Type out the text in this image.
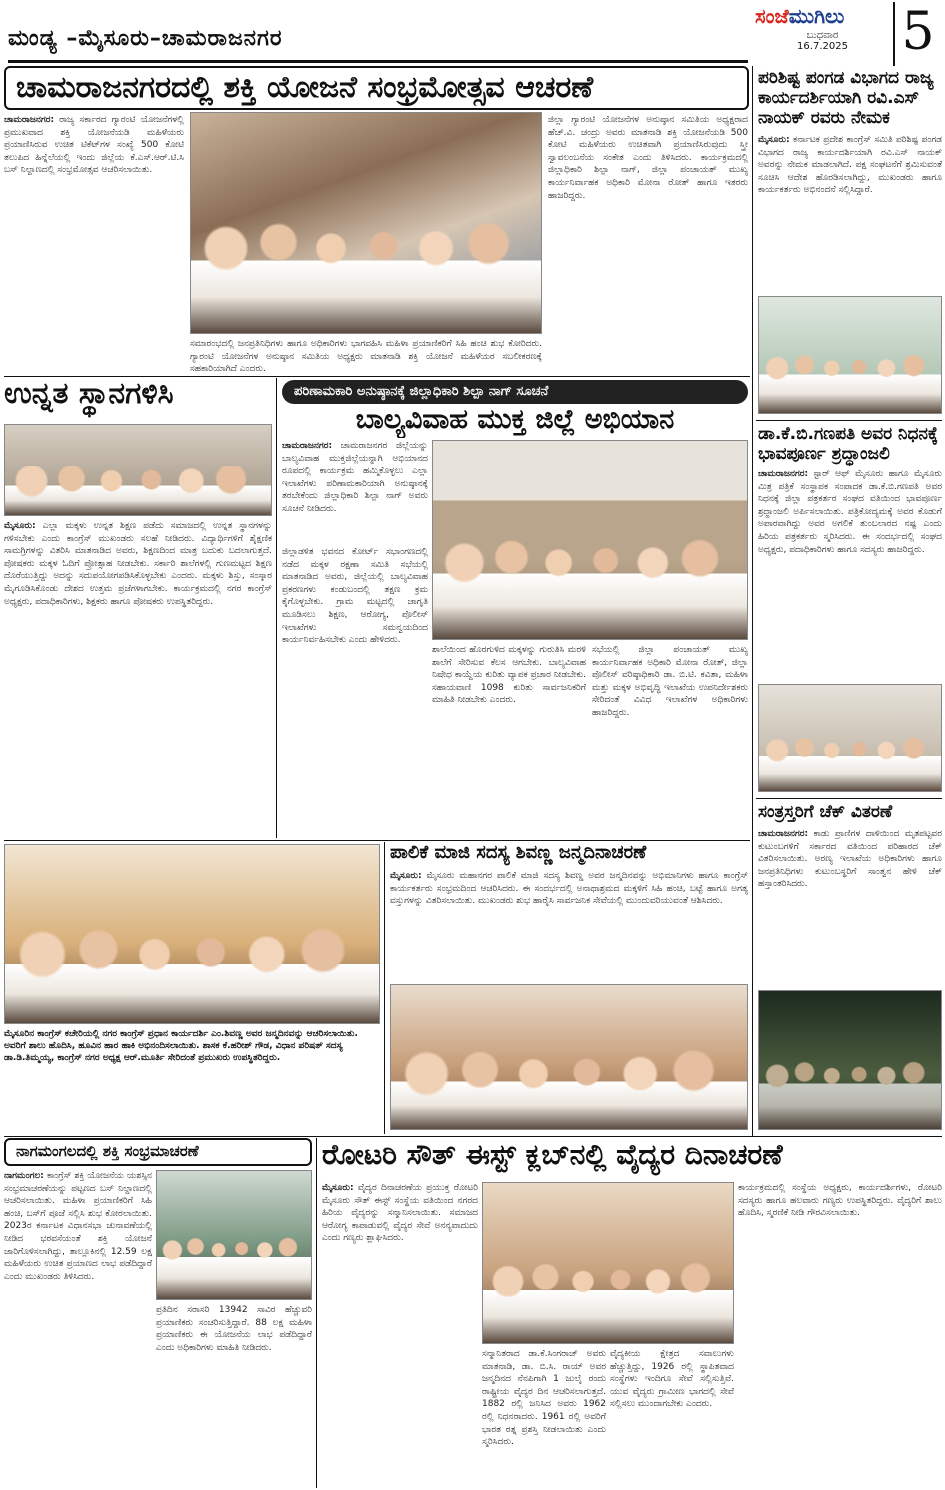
ಮಂಡ್ಯ –ಮೈಸೂರು–ಚಾಮರಾಜನಗರ
ಸಂಜೆಮುಗಿಲು
ಬುಧವಾರ
16.7.2025	5
ಚಾಮರಾಜನಗರದಲ್ಲಿ ಶಕ್ತಿ ಯೋಜನೆ ಸಂಭ್ರಮೋತ್ಸವ ಆಚರಣೆ
ಚಾಮರಾಜನಗರ: ರಾಜ್ಯ ಸರ್ಕಾರದ ಗ್ಯಾರಂಟಿ ಯೋಜನೆಗಳಲ್ಲಿ ಪ್ರಮುಖವಾದ ಶಕ್ತಿ ಯೋಜನೆಯಡಿ ಮಹಿಳೆಯರು ಪ್ರಯಾಣಿಸಿರುವ ಉಚಿತ ಟಿಕೆಟ್‌ಗಳ ಸಂಖ್ಯೆ 500 ಕೋಟಿ ತಲುಪಿದ ಹಿನ್ನೆಲೆಯಲ್ಲಿ ಇಂದು ಜಿಲ್ಲೆಯ ಕೆ.ಎಸ್.ಆರ್.ಟಿ.ಸಿ ಬಸ್ ನಿಲ್ದಾಣದಲ್ಲಿ ಸಂಭ್ರಮೋತ್ಸವ ಆಚರಿಸಲಾಯಿತು.
ಸಮಾರಂಭದಲ್ಲಿ ಜನಪ್ರತಿನಿಧಿಗಳು ಹಾಗೂ ಅಧಿಕಾರಿಗಳು ಭಾಗವಹಿಸಿ ಮಹಿಳಾ ಪ್ರಯಾಣಿಕರಿಗೆ ಸಿಹಿ ಹಂಚಿ ಶುಭ ಕೋರಿದರು. ಗ್ಯಾರಂಟಿ ಯೋಜನೆಗಳ ಅನುಷ್ಠಾನ ಸಮಿತಿಯ ಅಧ್ಯಕ್ಷರು ಮಾತನಾಡಿ ಶಕ್ತಿ ಯೋಜನೆ ಮಹಿಳೆಯರ ಸಬಲೀಕರಣಕ್ಕೆ ಸಹಕಾರಿಯಾಗಿದೆ ಎಂದರು.
ಜಿಲ್ಲಾ ಗ್ಯಾರಂಟಿ ಯೋಜನೆಗಳ ಅನುಷ್ಠಾನ ಸಮಿತಿಯ ಅಧ್ಯಕ್ಷರಾದ ಹೆಚ್.ವಿ. ಚಂದ್ರು ಅವರು ಮಾತನಾಡಿ ಶಕ್ತಿ ಯೋಜನೆಯಡಿ 500 ಕೋಟಿ ಮಹಿಳೆಯರು ಉಚಿತವಾಗಿ ಪ್ರಯಾಣಿಸಿರುವುದು ಸ್ತ್ರೀ ಸ್ವಾವಲಂಬನೆಯ ಸಂಕೇತ ಎಂದು ತಿಳಿಸಿದರು. ಕಾರ್ಯಕ್ರಮದಲ್ಲಿ ಜಿಲ್ಲಾಧಿಕಾರಿ ಶಿಲ್ಪಾ ನಾಗ್, ಜಿಲ್ಲಾ ಪಂಚಾಯತ್ ಮುಖ್ಯ ಕಾರ್ಯನಿರ್ವಾಹಕ ಅಧಿಕಾರಿ ಮೋನಾ ರೋತ್ ಹಾಗೂ ಇತರರು ಹಾಜರಿದ್ದರು.
ಪರಿಶಿಷ್ಟ ಪಂಗಡ ವಿಭಾಗದ ರಾಜ್ಯ ಕಾರ್ಯದರ್ಶಿಯಾಗಿ ರವಿ.ಎಸ್ ನಾಯಕ್ ರವರು ನೇಮಕ
ಮೈಸೂರು: ಕರ್ನಾಟಕ ಪ್ರದೇಶ ಕಾಂಗ್ರೆಸ್ ಸಮಿತಿ ಪರಿಶಿಷ್ಟ ಪಂಗಡ ವಿಭಾಗದ ರಾಜ್ಯ ಕಾರ್ಯದರ್ಶಿಯಾಗಿ ರವಿ.ಎಸ್ ನಾಯಕ್ ಅವರನ್ನು ನೇಮಕ ಮಾಡಲಾಗಿದೆ. ಪಕ್ಷ ಸಂಘಟನೆಗೆ ಶ್ರಮಿಸುವಂತೆ ಸೂಚಿಸಿ ಆದೇಶ ಹೊರಡಿಸಲಾಗಿದ್ದು, ಮುಖಂಡರು ಹಾಗೂ ಕಾರ್ಯಕರ್ತರು ಅಭಿನಂದನೆ ಸಲ್ಲಿಸಿದ್ದಾರೆ.
ಡಾ.ಕೆ.ಬಿ.ಗಣಪತಿ ಅವರ ನಿಧನಕ್ಕೆ ಭಾವಪೂರ್ಣ ಶ್ರದ್ಧಾಂಜಲಿ
ಚಾಮರಾಜನಗರ: ಸ್ಟಾರ್ ಆಫ್ ಮೈಸೂರು ಹಾಗೂ ಮೈಸೂರು ಮಿತ್ರ ಪತ್ರಿಕೆ ಸಂಸ್ಥಾಪಕ ಸಂಪಾದಕ ಡಾ.ಕೆ.ಬಿ.ಗಣಪತಿ ಅವರ ನಿಧನಕ್ಕೆ ಜಿಲ್ಲಾ ಪತ್ರಕರ್ತರ ಸಂಘದ ವತಿಯಿಂದ ಭಾವಪೂರ್ಣ ಶ್ರದ್ಧಾಂಜಲಿ ಅರ್ಪಿಸಲಾಯಿತು. ಪತ್ರಿಕೋದ್ಯಮಕ್ಕೆ ಅವರ ಕೊಡುಗೆ ಅಪಾರವಾಗಿದ್ದು ಅವರ ಅಗಲಿಕೆ ತುಂಬಲಾರದ ನಷ್ಟ ಎಂದು ಹಿರಿಯ ಪತ್ರಕರ್ತರು ಸ್ಮರಿಸಿದರು. ಈ ಸಂದರ್ಭದಲ್ಲಿ ಸಂಘದ ಅಧ್ಯಕ್ಷರು, ಪದಾಧಿಕಾರಿಗಳು ಹಾಗೂ ಸದಸ್ಯರು ಹಾಜರಿದ್ದರು.
ಸಂತ್ರಸ್ತರಿಗೆ ಚೆಕ್ ವಿತರಣೆ
ಚಾಮರಾಜನಗರ: ಕಾಡು ಪ್ರಾಣಿಗಳ ದಾಳಿಯಿಂದ ಮೃತಪಟ್ಟವರ ಕುಟುಂಬಗಳಿಗೆ ಸರ್ಕಾರದ ವತಿಯಿಂದ ಪರಿಹಾರದ ಚೆಕ್ ವಿತರಿಸಲಾಯಿತು. ಅರಣ್ಯ ಇಲಾಖೆಯ ಅಧಿಕಾರಿಗಳು ಹಾಗೂ ಜನಪ್ರತಿನಿಧಿಗಳು ಕುಟುಂಬಸ್ಥರಿಗೆ ಸಾಂತ್ವನ ಹೇಳಿ ಚೆಕ್ ಹಸ್ತಾಂತರಿಸಿದರು.
ಉನ್ನತ ಸ್ಥಾನಗಳಿಸಿ
ಮೈಸೂರು: ಎಲ್ಲಾ ಮಕ್ಕಳು ಉನ್ನತ ಶಿಕ್ಷಣ ಪಡೆದು ಸಮಾಜದಲ್ಲಿ ಉನ್ನತ ಸ್ಥಾನಗಳನ್ನು ಗಳಿಸಬೇಕು ಎಂದು ಕಾಂಗ್ರೆಸ್ ಮುಖಂಡರು ಸಲಹೆ ನೀಡಿದರು. ವಿದ್ಯಾರ್ಥಿಗಳಿಗೆ ಶೈಕ್ಷಣಿಕ ಸಾಮಗ್ರಿಗಳನ್ನು ವಿತರಿಸಿ ಮಾತನಾಡಿದ ಅವರು, ಶಿಕ್ಷಣದಿಂದ ಮಾತ್ರ ಬದುಕು ಬದಲಾಗುತ್ತದೆ. ಪೋಷಕರು ಮಕ್ಕಳ ಓದಿಗೆ ಪ್ರೋತ್ಸಾಹ ನೀಡಬೇಕು. ಸರ್ಕಾರಿ ಶಾಲೆಗಳಲ್ಲಿ ಗುಣಮಟ್ಟದ ಶಿಕ್ಷಣ ದೊರೆಯುತ್ತಿದ್ದು ಅದನ್ನು ಸದುಪಯೋಗಪಡಿಸಿಕೊಳ್ಳಬೇಕು ಎಂದರು. ಮಕ್ಕಳು ಶಿಸ್ತು, ಸಂಸ್ಕಾರ ಮೈಗೂಡಿಸಿಕೊಂಡು ದೇಶದ ಉತ್ತಮ ಪ್ರಜೆಗಳಾಗಬೇಕು. ಕಾರ್ಯಕ್ರಮದಲ್ಲಿ ನಗರ ಕಾಂಗ್ರೆಸ್ ಅಧ್ಯಕ್ಷರು, ಪದಾಧಿಕಾರಿಗಳು, ಶಿಕ್ಷಕರು ಹಾಗೂ ಪೋಷಕರು ಉಪಸ್ಥಿತರಿದ್ದರು.
ಪರಿಣಾಮಕಾರಿ ಅನುಷ್ಠಾನಕ್ಕೆ ಜಿಲ್ಲಾಧಿಕಾರಿ ಶಿಲ್ಪಾ ನಾಗ್ ಸೂಚನೆ
ಬಾಲ್ಯವಿವಾಹ ಮುಕ್ತ ಜಿಲ್ಲೆ ಅಭಿಯಾನ
ಚಾಮರಾಜನಗರ: ಚಾಮರಾಜನಗರ ಜಿಲ್ಲೆಯನ್ನು ಬಾಲ್ಯವಿವಾಹ ಮುಕ್ತಜಿಲ್ಲೆಯನ್ನಾಗಿ ಅಭಿಯಾನದ ರೂಪದಲ್ಲಿ ಕಾರ್ಯಕ್ರಮ ಹಮ್ಮಿಕೊಳ್ಳಲು ಎಲ್ಲಾ ಇಲಾಖೆಗಳು ಪರಿಣಾಮಕಾರಿಯಾಗಿ ಅನುಷ್ಠಾನಕ್ಕೆ ತರಬೇಕೆಂದು ಜಿಲ್ಲಾಧಿಕಾರಿ ಶಿಲ್ಪಾ ನಾಗ್ ಅವರು ಸೂಚನೆ ನೀಡಿದರು.
ಜಿಲ್ಲಾಡಳಿತ ಭವನದ ಕೋರ್ಟ್ ಸಭಾಂಗಣದಲ್ಲಿ ನಡೆದ ಮಕ್ಕಳ ರಕ್ಷಣಾ ಸಮಿತಿ ಸಭೆಯಲ್ಲಿ ಮಾತನಾಡಿದ ಅವರು, ಜಿಲ್ಲೆಯಲ್ಲಿ ಬಾಲ್ಯವಿವಾಹ ಪ್ರಕರಣಗಳು ಕಂಡುಬಂದಲ್ಲಿ ತಕ್ಷಣ ಕ್ರಮ ಕೈಗೊಳ್ಳಬೇಕು. ಗ್ರಾಮ ಮಟ್ಟದಲ್ಲಿ ಜಾಗೃತಿ ಮೂಡಿಸಲು ಶಿಕ್ಷಣ, ಆರೋಗ್ಯ, ಪೊಲೀಸ್ ಇಲಾಖೆಗಳು ಸಮನ್ವಯದಿಂದ ಕಾರ್ಯನಿರ್ವಹಿಸಬೇಕು ಎಂದು ಹೇಳಿದರು.
ಶಾಲೆಯಿಂದ ಹೊರಗುಳಿದ ಮಕ್ಕಳನ್ನು ಗುರುತಿಸಿ ಮರಳಿ ಶಾಲೆಗೆ ಸೇರಿಸುವ ಕೆಲಸ ಆಗಬೇಕು. ಬಾಲ್ಯವಿವಾಹ ನಿಷೇಧ ಕಾಯ್ದೆಯ ಕುರಿತು ವ್ಯಾಪಕ ಪ್ರಚಾರ ನೀಡಬೇಕು. ಸಹಾಯವಾಣಿ 1098 ಕುರಿತು ಸಾರ್ವಜನಿಕರಿಗೆ ಮಾಹಿತಿ ನೀಡಬೇಕು ಎಂದರು.
ಸಭೆಯಲ್ಲಿ ಜಿಲ್ಲಾ ಪಂಚಾಯತ್ ಮುಖ್ಯ ಕಾರ್ಯನಿರ್ವಾಹಕ ಅಧಿಕಾರಿ ಮೋನಾ ರೋತ್, ಜಿಲ್ಲಾ ಪೊಲೀಸ್ ವರಿಷ್ಠಾಧಿಕಾರಿ ಡಾ. ಬಿ.ಟಿ. ಕವಿತಾ, ಮಹಿಳಾ ಮತ್ತು ಮಕ್ಕಳ ಅಭಿವೃದ್ಧಿ ಇಲಾಖೆಯ ಉಪನಿರ್ದೇಶಕರು ಸೇರಿದಂತೆ ವಿವಿಧ ಇಲಾಖೆಗಳ ಅಧಿಕಾರಿಗಳು ಹಾಜರಿದ್ದರು.
ಮೈಸೂರಿನ ಕಾಂಗ್ರೆಸ್ ಕಚೇರಿಯಲ್ಲಿ ನಗರ ಕಾಂಗ್ರೆಸ್ ಪ್ರಧಾನ ಕಾರ್ಯದರ್ಶಿ ಎಂ.ಶಿವಣ್ಣ ಅವರ ಜನ್ಮದಿನವನ್ನು ಆಚರಿಸಲಾಯಿತು. ಅವರಿಗೆ ಶಾಲು ಹೊದಿಸಿ, ಹೂವಿನ ಹಾರ ಹಾಕಿ ಅಭಿನಂದಿಸಲಾಯಿತು. ಶಾಸಕ ಕೆ.ಹರೀಶ್ ಗೌಡ, ವಿಧಾನ ಪರಿಷತ್ ಸದಸ್ಯ ಡಾ.ಡಿ.ತಿಮ್ಮಯ್ಯ, ಕಾಂಗ್ರೆಸ್ ನಗರ ಅಧ್ಯಕ್ಷ ಆರ್.ಮೂರ್ತಿ ಸೇರಿದಂತೆ ಪ್ರಮುಖರು ಉಪಸ್ಥಿತರಿದ್ದರು.
ಪಾಲಿಕೆ ಮಾಜಿ ಸದಸ್ಯ ಶಿವಣ್ಣ ಜನ್ಮದಿನಾಚರಣೆ
ಮೈಸೂರು: ಮೈಸೂರು ಮಹಾನಗರ ಪಾಲಿಕೆ ಮಾಜಿ ಸದಸ್ಯ ಶಿವಣ್ಣ ಅವರ ಜನ್ಮದಿನವನ್ನು ಅಭಿಮಾನಿಗಳು ಹಾಗೂ ಕಾಂಗ್ರೆಸ್ ಕಾರ್ಯಕರ್ತರು ಸಂಭ್ರಮದಿಂದ ಆಚರಿಸಿದರು. ಈ ಸಂದರ್ಭದಲ್ಲಿ ಅನಾಥಾಶ್ರಮದ ಮಕ್ಕಳಿಗೆ ಸಿಹಿ ಹಂಚಿ, ಬಟ್ಟೆ ಹಾಗೂ ಅಗತ್ಯ ವಸ್ತುಗಳನ್ನು ವಿತರಿಸಲಾಯಿತು. ಮುಖಂಡರು ಶುಭ ಹಾರೈಸಿ ಸಾರ್ವಜನಿಕ ಸೇವೆಯಲ್ಲಿ ಮುಂದುವರಿಯುವಂತೆ ಆಶಿಸಿದರು.
ನಾಗಮಂಗಲದಲ್ಲಿ ಶಕ್ತಿ ಸಂಭ್ರಮಾಚರಣೆ
ನಾಗಮಂಗಲ: ಕಾಂಗ್ರೆಸ್ ಶಕ್ತಿ ಯೋಜನೆಯ ಯಶಸ್ಸಿನ ಸಂಭ್ರಮಾಚರಣೆಯನ್ನು ಪಟ್ಟಣದ ಬಸ್ ನಿಲ್ದಾಣದಲ್ಲಿ ಆಚರಿಸಲಾಯಿತು. ಮಹಿಳಾ ಪ್ರಯಾಣಿಕರಿಗೆ ಸಿಹಿ ಹಂಚಿ, ಬಸ್‌ಗೆ ಪೂಜೆ ಸಲ್ಲಿಸಿ ಶುಭ ಕೋರಲಾಯಿತು. 2023ರ ಕರ್ನಾಟಕ ವಿಧಾನಸಭಾ ಚುನಾವಣೆಯಲ್ಲಿ ನೀಡಿದ ಭರವಸೆಯಂತೆ ಶಕ್ತಿ ಯೋಜನೆ ಜಾರಿಗೊಳಿಸಲಾಗಿದ್ದು, ತಾಲ್ಲೂಕಿನಲ್ಲಿ 12.59 ಲಕ್ಷ ಮಹಿಳೆಯರು ಉಚಿತ ಪ್ರಯಾಣದ ಲಾಭ ಪಡೆದಿದ್ದಾರೆ ಎಂದು ಮುಖಂಡರು ತಿಳಿಸಿದರು.
ಪ್ರತಿದಿನ ಸರಾಸರಿ 13942 ಸಾವಿರ ಹೆಚ್ಚುವರಿ ಪ್ರಯಾಣಿಕರು ಸಂಚರಿಸುತ್ತಿದ್ದಾರೆ. 88 ಲಕ್ಷ ಮಹಿಳಾ ಪ್ರಯಾಣಿಕರು ಈ ಯೋಜನೆಯ ಲಾಭ ಪಡೆದಿದ್ದಾರೆ ಎಂದು ಅಧಿಕಾರಿಗಳು ಮಾಹಿತಿ ನೀಡಿದರು.
ರೋಟರಿ ಸೌತ್ ಈಸ್ಟ್ ಕ್ಲಬ್‌ನಲ್ಲಿ ವೈದ್ಯರ ದಿನಾಚರಣೆ
ಮೈಸೂರು: ವೈದ್ಯರ ದಿನಾಚರಣೆಯ ಪ್ರಯುಕ್ತ ರೋಟರಿ ಮೈಸೂರು ಸೌತ್ ಈಸ್ಟ್ ಸಂಸ್ಥೆಯ ವತಿಯಿಂದ ನಗರದ ಹಿರಿಯ ವೈದ್ಯರನ್ನು ಸನ್ಮಾನಿಸಲಾಯಿತು. ಸಮಾಜದ ಆರೋಗ್ಯ ಕಾಪಾಡುವಲ್ಲಿ ವೈದ್ಯರ ಸೇವೆ ಅನನ್ಯವಾದುದು ಎಂದು ಗಣ್ಯರು ಶ್ಲಾಘಿಸಿದರು.
ಸನ್ಮಾನಿತರಾದ ಡಾ.ಕೆ.ಸಿಂಗರಾಜ್ ಅವರು ಮಾತನಾಡಿ, ಡಾ. ಬಿ.ಸಿ. ರಾಯ್ ಅವರ ಜನ್ಮದಿನದ ನೆನಪಿಗಾಗಿ 1 ಜುಲೈ ರಂದು ರಾಷ್ಟ್ರೀಯ ವೈದ್ಯರ ದಿನ ಆಚರಿಸಲಾಗುತ್ತದೆ. 1882 ರಲ್ಲಿ ಜನಿಸಿದ ಅವರು 1962 ರಲ್ಲಿ ನಿಧನರಾದರು. 1961 ರಲ್ಲಿ ಅವರಿಗೆ ಭಾರತ ರತ್ನ ಪ್ರಶಸ್ತಿ ನೀಡಲಾಯಿತು ಎಂದು ಸ್ಮರಿಸಿದರು.
ವೈದ್ಯಕೀಯ ಕ್ಷೇತ್ರದ ಸವಾಲುಗಳು ಹೆಚ್ಚುತ್ತಿದ್ದು, 1926 ರಲ್ಲಿ ಸ್ಥಾಪಿತವಾದ ಸಂಸ್ಥೆಗಳು ಇಂದಿಗೂ ಸೇವೆ ಸಲ್ಲಿಸುತ್ತಿವೆ. ಯುವ ವೈದ್ಯರು ಗ್ರಾಮೀಣ ಭಾಗದಲ್ಲಿ ಸೇವೆ ಸಲ್ಲಿಸಲು ಮುಂದಾಗಬೇಕು ಎಂದರು.
ಕಾರ್ಯಕ್ರಮದಲ್ಲಿ ಸಂಸ್ಥೆಯ ಅಧ್ಯಕ್ಷರು, ಕಾರ್ಯದರ್ಶಿಗಳು, ರೋಟರಿ ಸದಸ್ಯರು ಹಾಗೂ ಹಲವಾರು ಗಣ್ಯರು ಉಪಸ್ಥಿತರಿದ್ದರು. ವೈದ್ಯರಿಗೆ ಶಾಲು ಹೊದಿಸಿ, ಸ್ಮರಣಿಕೆ ನೀಡಿ ಗೌರವಿಸಲಾಯಿತು.
